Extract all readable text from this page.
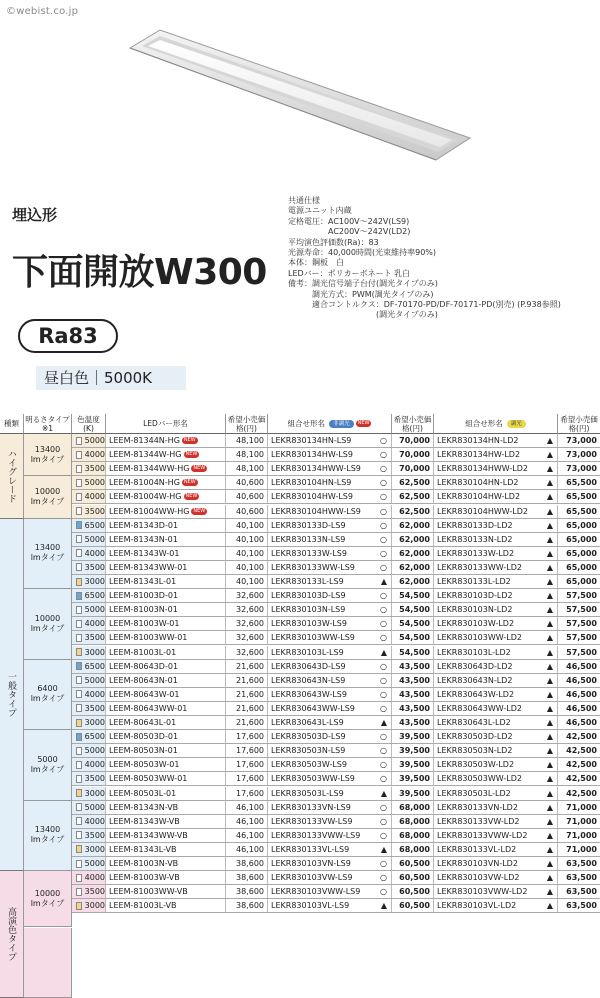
©webist.co.jp
埋込形
下面開放W300
Ra83
昼白色｜5000K
共通仕様
電源ユニット内蔵
定格電圧：AC100V〜242V(LS9)
　　　　　AC200V〜242V(LD2)
平均演色評価数(Ra)：83
光源寿命：40,000時間(光束維持率90%)
本体：鋼板　白
LEDバー：ポリカーボネート 乳白
備考：調光信号端子台付(調光タイプのみ)
　　　調光方式：PWM(調光タイプのみ)
　　　適合コントルクス：DF-70170-PD/DF-70171-PD(別売) (P.938参照)
　　　　　　　　　　　(調光タイプのみ)
種類 明るさタイプ※1
色温度(K)	LEDバー形名	希望小売価格(円)	組合せ形名	非調光	NEW	希望小売価格(円)	組合せ形名	調光	希望小売価格(円)
5000 LEEM-81344N-HG NEW	48,100 LEKR830134HN-LS9	○	70,000 LEKR830134HN-LD2	▲	73,000
4000 LEEM-81344W-HG NEW	48,100 LEKR830134HW-LS9	○	70,000 LEKR830134HW-LD2	▲	73,000
3500 LEEM-81344WW-HG NEW	48,100 LEKR830134HWW-LS9 ○	70,000 LEKR830134HWW-LD2 ▲	73,000
5000 LEEM-81004N-HG NEW	40,600 LEKR830104HN-LS9	○	62,500 LEKR830104HN-LD2	▲	65,500
4000 LEEM-81004W-HG NEW	40,600 LEKR830104HW-LS9	○	62,500 LEKR830104HW-LD2	▲	65,500
3500 LEEM-81004WW-HG NEW	40,600 LEKR830104HWW-LS9 ○	62,500 LEKR830104HWW-LD2 ▲	65,500
6500 LEEM-81343D-01	40,100 LEKR830133D-LS9	○	62,000 LEKR830133D-LD2	▲	65,000
5000 LEEM-81343N-01	40,100 LEKR830133N-LS9	○	62,000 LEKR830133N-LD2	▲	65,000
4000 LEEM-81343W-01	40,100 LEKR830133W-LS9	○	62,000 LEKR830133W-LD2	▲	65,000
3500 LEEM-81343WW-01	40,100 LEKR830133WW-LS9	○	62,000 LEKR830133WW-LD2	▲	65,000
3000 LEEM-81343L-01	40,100 LEKR830133L-LS9	▲	62,000 LEKR830133L-LD2	▲	65,000
6500 LEEM-81003D-01	32,600 LEKR830103D-LS9	○	54,500 LEKR830103D-LD2	▲	57,500
5000 LEEM-81003N-01	32,600 LEKR830103N-LS9	○	54,500 LEKR830103N-LD2	▲	57,500
4000 LEEM-81003W-01	32,600 LEKR830103W-LS9	○	54,500 LEKR830103W-LD2	▲	57,500
3500 LEEM-81003WW-01	32,600 LEKR830103WW-LS9	○	54,500 LEKR830103WW-LD2	▲	57,500
3000 LEEM-81003L-01	32,600 LEKR830103L-LS9	▲	54,500 LEKR830103L-LD2	▲	57,500
6500 LEEM-80643D-01	21,600 LEKR830643D-LS9	○	43,500 LEKR830643D-LD2	▲	46,500
5000 LEEM-80643N-01	21,600 LEKR830643N-LS9	○	43,500 LEKR830643N-LD2	▲	46,500
4000 LEEM-80643W-01	21,600 LEKR830643W-LS9	○	43,500 LEKR830643W-LD2	▲	46,500
3500 LEEM-80643WW-01	21,600 LEKR830643WW-LS9	○	43,500 LEKR830643WW-LD2	▲	46,500
3000 LEEM-80643L-01	21,600 LEKR830643L-LS9	▲	43,500 LEKR830643L-LD2	▲	46,500
6500 LEEM-80503D-01	17,600 LEKR830503D-LS9	○	39,500 LEKR830503D-LD2	▲	42,500
5000 LEEM-80503N-01	17,600 LEKR830503N-LS9	○	39,500 LEKR830503N-LD2	▲	42,500
4000 LEEM-80503W-01	17,600 LEKR830503W-LS9	○	39,500 LEKR830503W-LD2	▲	42,500
3500 LEEM-80503WW-01	17,600 LEKR830503WW-LS9	○	39,500 LEKR830503WW-LD2	▲	42,500
3000 LEEM-80503L-01	17,600 LEKR830503L-LS9	▲	39,500 LEKR830503L-LD2	▲	42,500
5000 LEEM-81343N-VB	46,100 LEKR830133VN-LS9	○	68,000 LEKR830133VN-LD2	▲	71,000
4000 LEEM-81343W-VB	46,100 LEKR830133VW-LS9	○	68,000 LEKR830133VW-LD2	▲	71,000
3500 LEEM-81343WW-VB	46,100 LEKR830133VWW-LS9 ○	68,000 LEKR830133VWW-LD2 ▲	71,000
3000 LEEM-81343L-VB	46,100 LEKR830133VL-LS9	▲	68,000 LEKR830133VL-LD2	▲	71,000
5000 LEEM-81003N-VB	38,600 LEKR830103VN-LS9	○	60,500 LEKR830103VN-LD2	▲	63,500
4000 LEEM-81003W-VB	38,600 LEKR830103VW-LS9	○	60,500 LEKR830103VW-LD2	▲	63,500
3500 LEEM-81003WW-VB	38,600 LEKR830103VWW-LS9 ○	60,500 LEKR830103VWW-LD2 ▲	63,500
3000 LEEM-81003L-VB	38,600 LEKR830103VL-LS9	▲	60,500 LEKR830103VL-LD2	▲	63,500
ハイグレード
一般タイプ
高演色タイプ
13400
lmタイプ
10000
lmタイプ
13400
lmタイプ
10000
lmタイプ
6400
lmタイプ
5000
lmタイプ
13400
lmタイプ
10000
lmタイプ
